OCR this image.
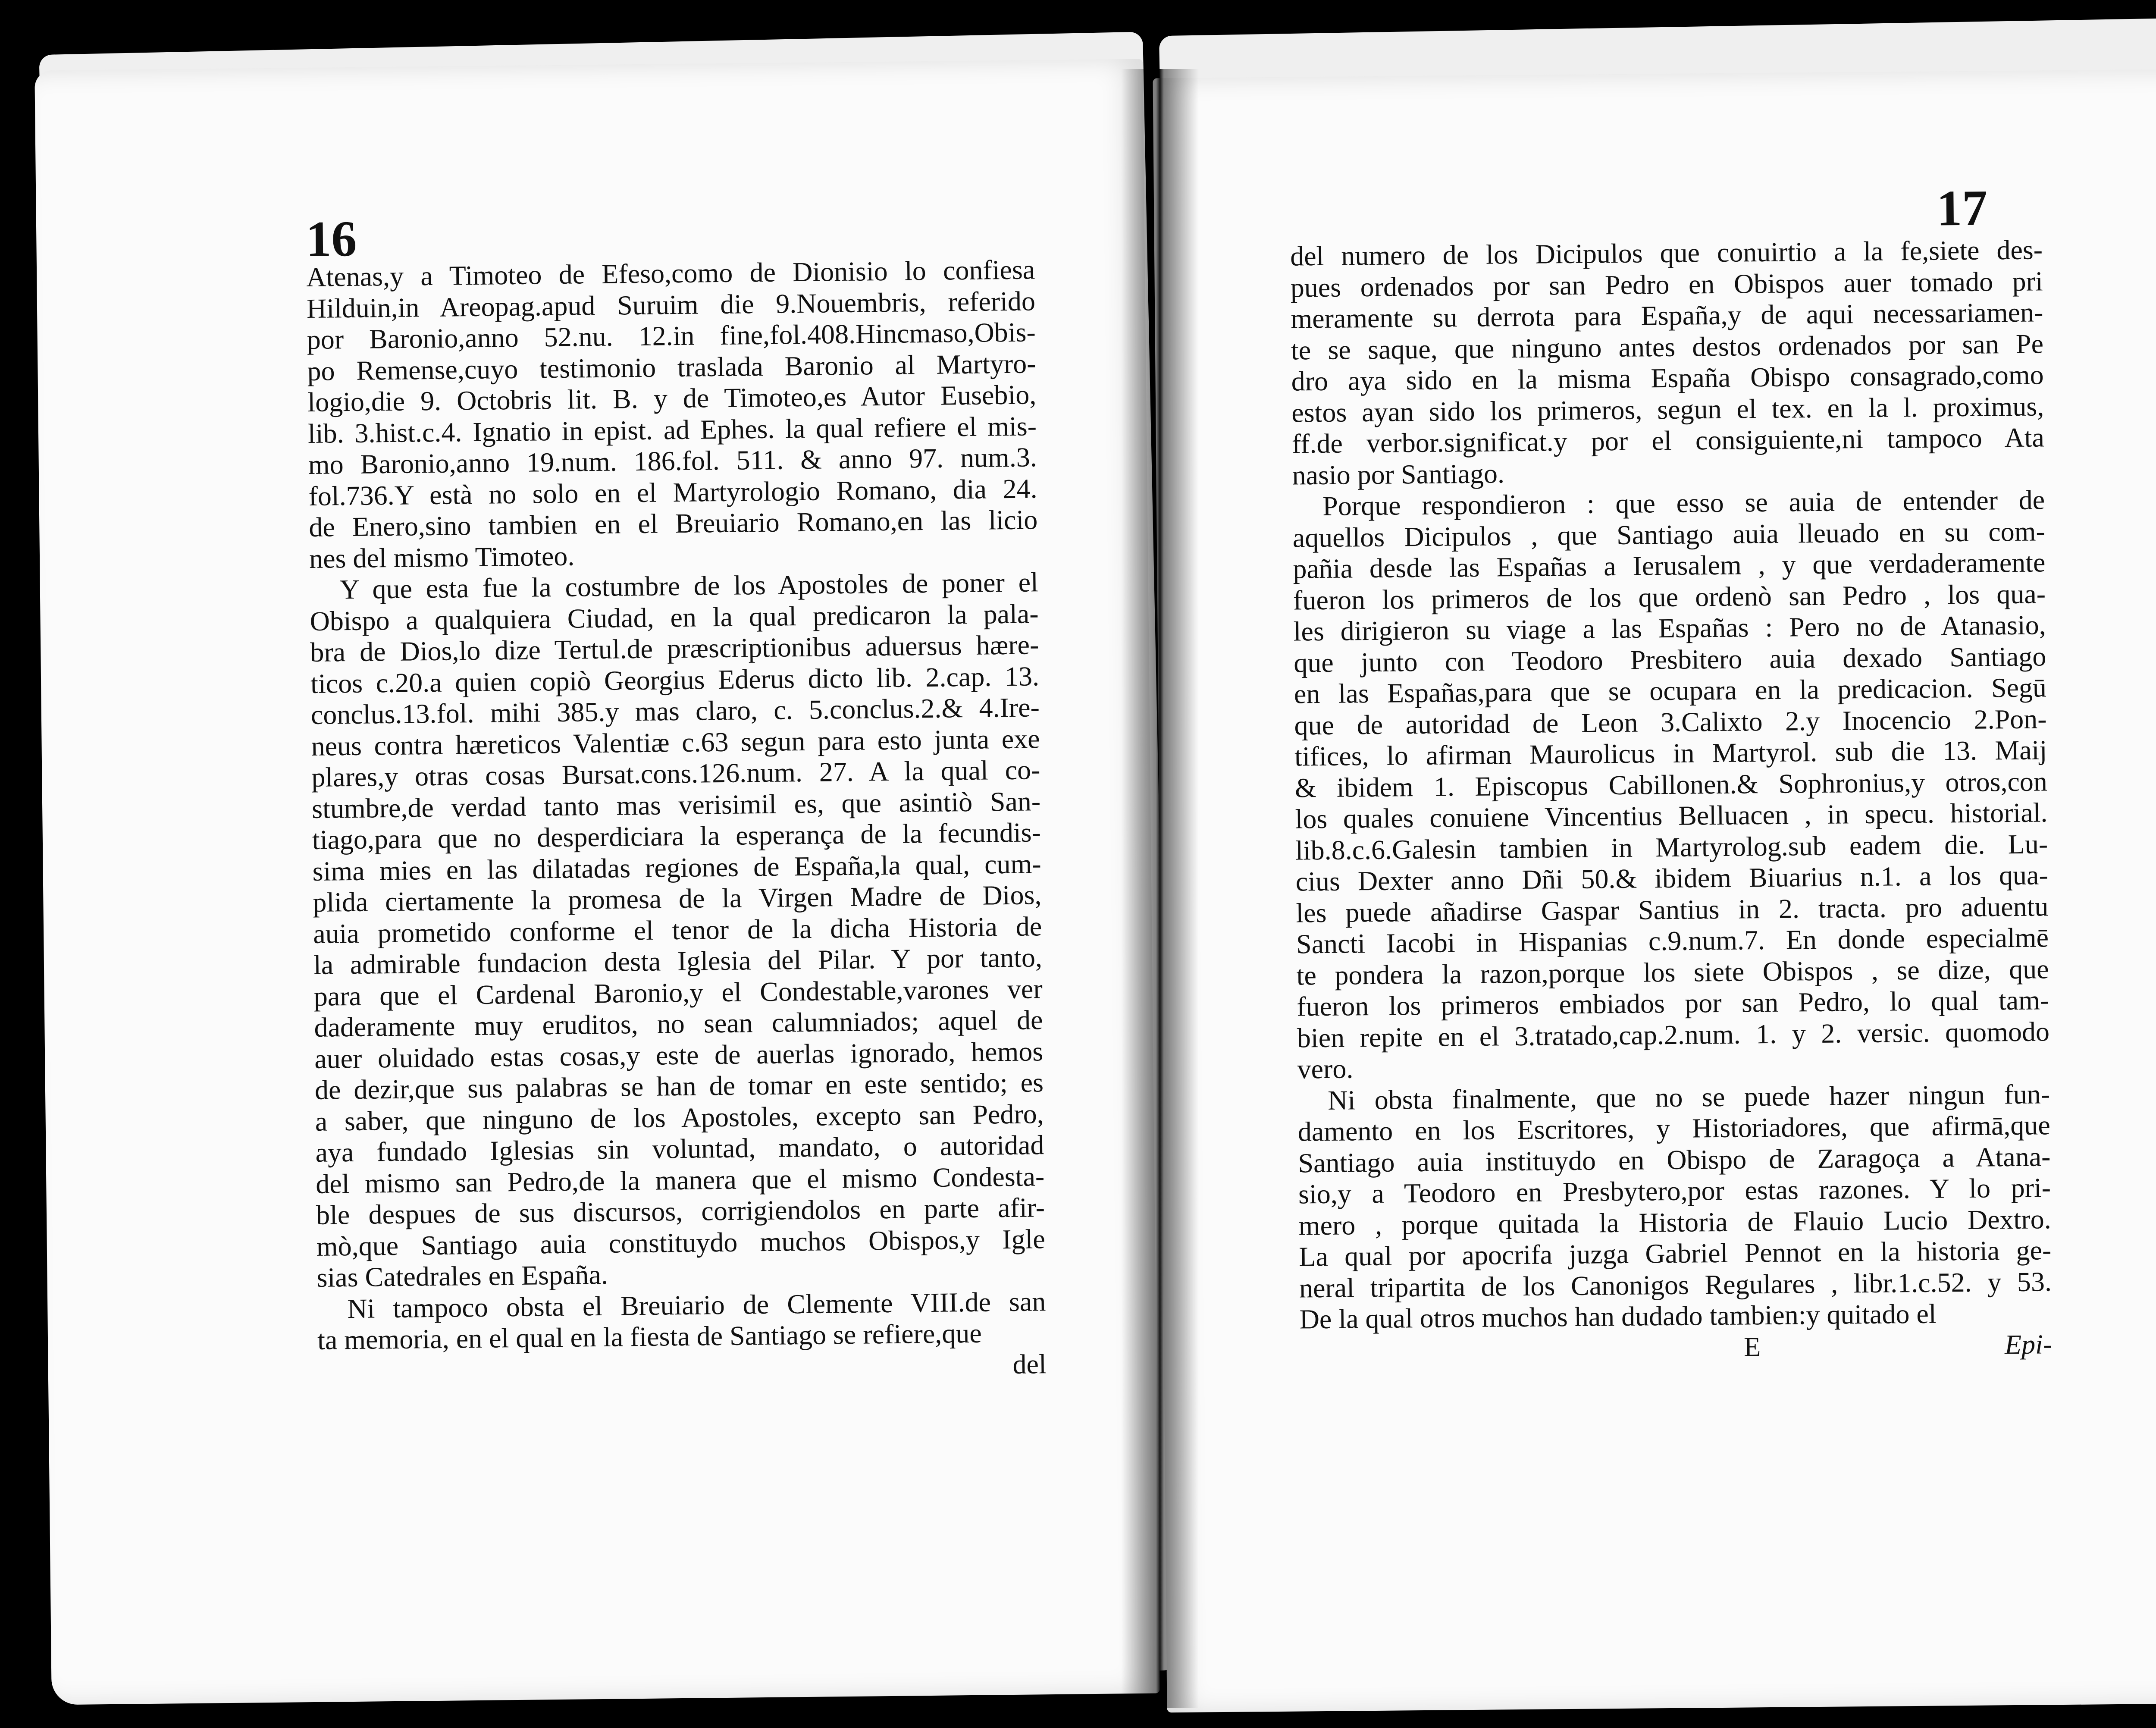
16
Atenas,y a Timoteo de Efeso,como de Dionisio lo confiesa
Hilduin,in Areopag.apud Suruim die 9.Nouembris, referido
por Baronio,anno 52.nu. 12.in fine,fol.408.Hincmaso,Obis-
po Remense,cuyo testimonio traslada Baronio al Martyro-
logio,die 9. Octobris lit. B. y de Timoteo,es Autor Eusebio,
lib. 3.hist.c.4. Ignatio in epist. ad Ephes. la qual refiere el mis-
mo Baronio,anno 19.num. 186.fol. 511. & anno 97. num.3.
fol.736.Y està no solo en el Martyrologio Romano, dia 24.
de Enero,sino tambien en el Breuiario Romano,en las licio
nes del mismo Timoteo.
Y que esta fue la costumbre de los Apostoles de poner el
Obispo a qualquiera Ciudad, en la qual predicaron la pala-
bra de Dios,lo dize Tertul.de præscriptionibus aduersus hære-
ticos c.20.a quien copiò Georgius Ederus dicto lib. 2.cap. 13.
conclus.13.fol. mihi 385.y mas claro, c. 5.conclus.2.& 4.Ire-
neus contra hæreticos Valentiæ c.63 segun para esto junta exe
plares,y otras cosas Bursat.cons.126.num. 27. A la qual co-
stumbre,de verdad tanto mas verisimil es, que asintiò San-
tiago,para que no desperdiciara la esperança de la fecundis-
sima mies en las dilatadas regiones de España,la qual, cum-
plida ciertamente la promesa de la Virgen Madre de Dios,
auia prometido conforme el tenor de la dicha Historia de
la admirable fundacion desta Iglesia del Pilar. Y por tanto,
para que el Cardenal Baronio,y el Condestable,varones ver
daderamente muy eruditos, no sean calumniados; aquel de
auer oluidado estas cosas,y este de auerlas ignorado, hemos
de dezir,que sus palabras se han de tomar en este sentido; es
a saber, que ninguno de los Apostoles, excepto san Pedro,
aya fundado Iglesias sin voluntad, mandato, o autoridad
del mismo san Pedro,de la manera que el mismo Condesta-
ble despues de sus discursos, corrigiendolos en parte afir-
mò,que Santiago auia constituydo muchos Obispos,y Igle
sias Catedrales en España.
Ni tampoco obsta el Breuiario de Clemente VIII.de san
ta memoria, en el qual en la fiesta de Santiago se refiere,que
del
17
del numero de los Dicipulos que conuirtio a la fe,siete des-
pues ordenados por san Pedro en Obispos auer tomado pri
meramente su derrota para España,y de aqui necessariamen-
te se saque, que ninguno antes destos ordenados por san Pe
dro aya sido en la misma España Obispo consagrado,como
estos ayan sido los primeros, segun el tex. en la l. proximus,
ff.de verbor.significat.y por el consiguiente,ni tampoco Ata
nasio por Santiago.
Porque respondieron : que esso se auia de entender de
aquellos Dicipulos , que Santiago auia lleuado en su com-
pañia desde las Españas a Ierusalem , y que verdaderamente
fueron los primeros de los que ordenò san Pedro , los qua-
les dirigieron su viage a las Españas : Pero no de Atanasio,
que junto con Teodoro Presbitero auia dexado Santiago
en las Españas,para que se ocupara en la predicacion. Segū
que de autoridad de Leon 3.Calixto 2.y Inocencio 2.Pon-
tifices, lo afirman Maurolicus in Martyrol. sub die 13. Maij
& ibidem 1. Episcopus Cabillonen.& Sophronius,y otros,con
los quales conuiene Vincentius Belluacen , in specu. historial.
lib.8.c.6.Galesin tambien in Martyrolog.sub eadem die. Lu-
cius Dexter anno Dñi 50.& ibidem Biuarius n.1. a los qua-
les puede añadirse Gaspar Santius in 2. tracta. pro aduentu
Sancti Iacobi in Hispanias c.9.num.7. En donde especialmē
te pondera la razon,porque los siete Obispos , se dize, que
fueron los primeros embiados por san Pedro, lo qual tam-
bien repite en el 3.tratado,cap.2.num. 1. y 2. versic. quomodo
vero.
Ni obsta finalmente, que no se puede hazer ningun fun-
damento en los Escritores, y Historiadores, que afirmā,que
Santiago auia instituydo en Obispo de Zaragoça a Atana-
sio,y a Teodoro en Presbytero,por estas razones. Y lo pri-
mero , porque quitada la Historia de Flauio Lucio Dextro.
La qual por apocrifa juzga Gabriel Pennot en la historia ge-
neral tripartita de los Canonigos Regulares , libr.1.c.52. y 53.
De la qual otros muchos han dudado tambien:y quitado el
E	Epi-
